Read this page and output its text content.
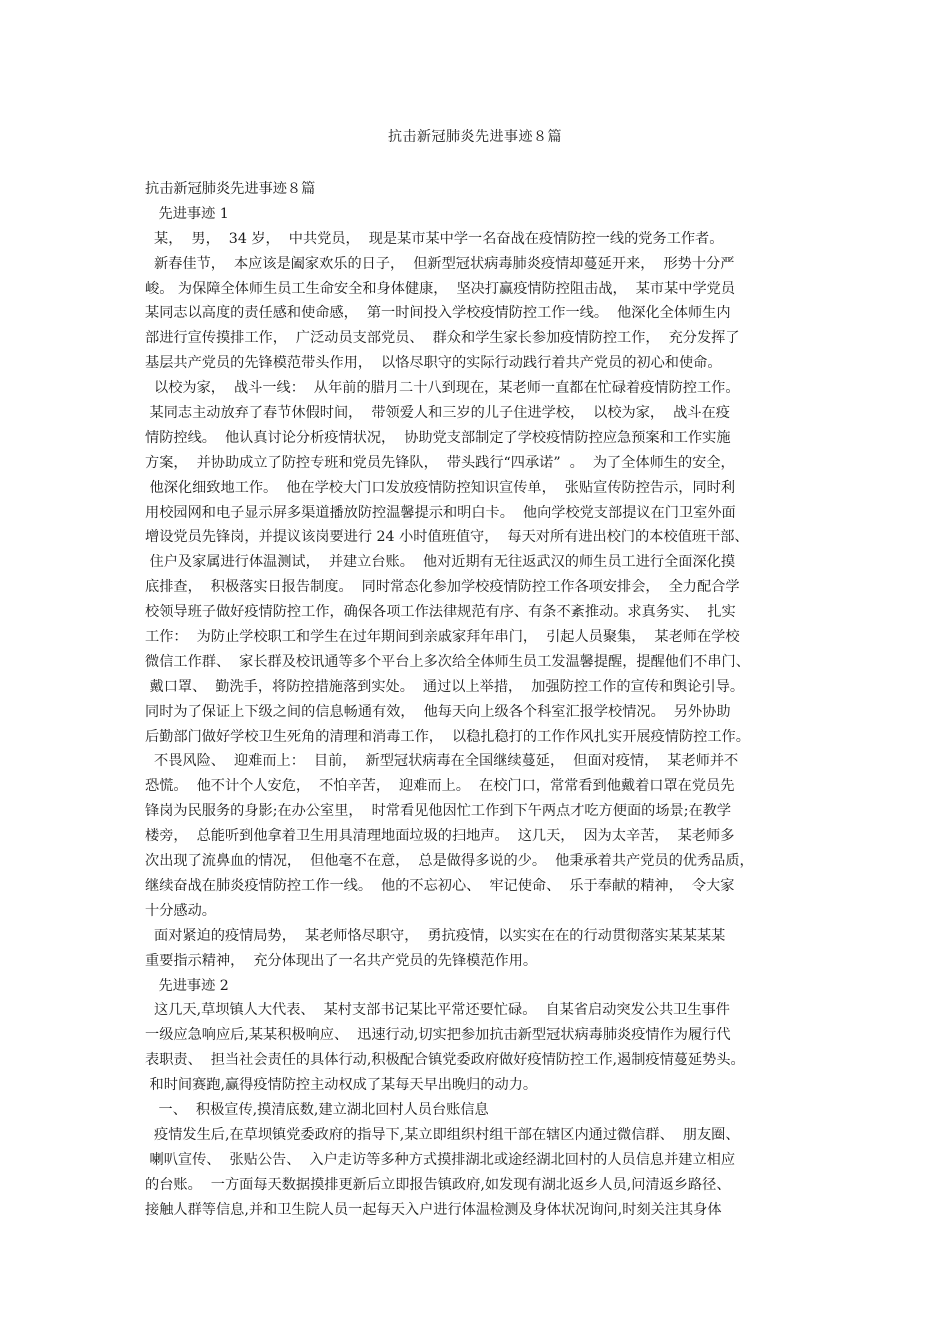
抗击新冠肺炎先进事迹８篇
抗击新冠肺炎先进事迹８篇
先进事迹 1
某，  男，  34 岁，  中共党员，  现是某市某中学一名奋战在疫情防控一线的党务工作者。
新春佳节，  本应该是阖家欢乐的日子，  但新型冠状病毒肺炎疫情却蔓延开来，  形势十分严
峻。 为保障全体师生员工生命安全和身体健康，  坚决打赢疫情防控阻击战，  某市某中学党员
某同志以高度的责任感和使命感，  第一时间投入学校疫情防控工作一线。  他深化全体师生内
部进行宣传摸排工作，  广泛动员支部党员、  群众和学生家长参加疫情防控工作，  充分发挥了
基层共产党员的先锋模范带头作用，  以恪尽职守的实际行动践行着共产党员的初心和使命。
以校为家，  战斗一线：  从年前的腊月二十八到现在，某老师一直都在忙碌着疫情防控工作。
某同志主动放弃了春节休假时间，  带领爱人和三岁的儿子住进学校，  以校为家，  战斗在疫
情防控线。  他认真讨论分析疫情状况，  协助党支部制定了学校疫情防控应急预案和工作实施
方案，  并协助成立了防控专班和党员先锋队，  带头践行“四承诺”  。  为了全体师生的安全，
他深化细致地工作。  他在学校大门口发放疫情防控知识宣传单，  张贴宣传防控告示，同时利
用校园网和电子显示屏多渠道播放防控温馨提示和明白卡。  他向学校党支部提议在门卫室外面
增设党员先锋岗，并提议该岗要进行 24 小时值班值守，  每天对所有进出校门的本校值班干部、
住户及家属进行体温测试，  并建立台账。  他对近期有无往返武汉的师生员工进行全面深化摸
底排查，  积极落实日报告制度。  同时常态化参加学校疫情防控工作各项安排会，  全力配合学
校领导班子做好疫情防控工作，确保各项工作法律规范有序、有条不紊推动。求真务实、  扎实
工作：  为防止学校职工和学生在过年期间到亲戚家拜年串门，  引起人员聚集，  某老师在学校
微信工作群、  家长群及校讯通等多个平台上多次给全体师生员工发温馨提醒，提醒他们不串门、
戴口罩、  勤洗手，将防控措施落到实处。  通过以上举措，  加强防控工作的宣传和舆论引导。
同时为了保证上下级之间的信息畅通有效，  他每天向上级各个科室汇报学校情况。  另外协助
后勤部门做好学校卫生死角的清理和消毒工作，  以稳扎稳打的工作作风扎实开展疫情防控工作。
不畏风险、  迎难而上：  目前，  新型冠状病毒在全国继续蔓延，  但面对疫情，  某老师并不
恐慌。  他不计个人安危，  不怕辛苦，  迎难而上。  在校门口，常常看到他戴着口罩在党员先
锋岗为民服务的身影;在办公室里，  时常看见他因忙工作到下午两点才吃方便面的场景;在教学
楼旁，  总能听到他拿着卫生用具清理地面垃圾的扫地声。  这几天，  因为太辛苦，  某老师多
次出现了流鼻血的情况，  但他毫不在意，  总是做得多说的少。  他秉承着共产党员的优秀品质，
继续奋战在肺炎疫情防控工作一线。  他的不忘初心、  牢记使命、  乐于奉献的精神，  令大家
十分感动。
面对紧迫的疫情局势，  某老师恪尽职守，  勇抗疫情，以实实在在的行动贯彻落实某某某某
重要指示精神，  充分体现出了一名共产党员的先锋模范作用。
先进事迹 2
这几天,草坝镇人大代表、  某村支部书记某比平常还要忙碌。  自某省启动突发公共卫生事件
一级应急响应后,某某积极响应、  迅速行动,切实把参加抗击新型冠状病毒肺炎疫情作为履行代
表职责、  担当社会责任的具体行动,积极配合镇党委政府做好疫情防控工作,遏制疫情蔓延势头。
和时间赛跑,赢得疫情防控主动权成了某每天早出晚归的动力。
一、  积极宣传,摸清底数,建立湖北回村人员台账信息
疫情发生后,在草坝镇党委政府的指导下,某立即组织村组干部在辖区内通过微信群、  朋友圈、
喇叭宣传、  张贴公告、  入户走访等多种方式摸排湖北或途经湖北回村的人员信息并建立相应
的台账。  一方面每天数据摸排更新后立即报告镇政府,如发现有湖北返乡人员,问清返乡路径、
接触人群等信息,并和卫生院人员一起每天入户进行体温检测及身体状况询问,时刻关注其身体
